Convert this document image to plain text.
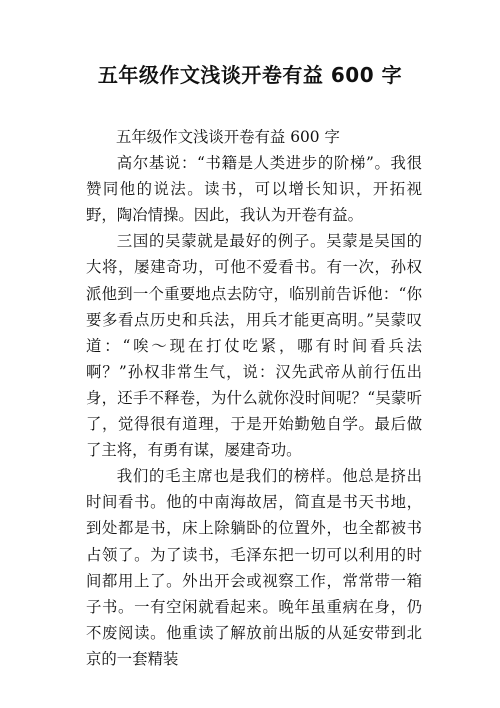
五年级作文浅谈开卷有益 600 字

五年级作文浅谈开卷有益 600 字

高尔基说：“书籍是人类进步的阶梯”。我很赞同他的说法。读书，可以增长知识，开拓视野，陶冶情操。因此，我认为开卷有益。

三国的吴蒙就是最好的例子。吴蒙是吴国的大将，屡建奇功，可他不爱看书。有一次，孙权派他到一个重要地点去防守，临别前告诉他：“你要多看点历史和兵法，用兵才能更高明。”吴蒙叹道：“唉～现在打仗吃紧，哪有时间看兵法啊？”孙权非常生气，说：汉先武帝从前行伍出身，还手不释卷，为什么就你没时间呢？“吴蒙听了，觉得很有道理，于是开始勤勉自学。最后做了主将，有勇有谋，屡建奇功。

我们的毛主席也是我们的榜样。他总是挤出时间看书。他的中南海故居，简直是书天书地，到处都是书，床上除躺卧的位置外，也全都被书占领了。为了读书，毛泽东把一切可以利用的时间都用上了。外出开会或视察工作，常常带一箱子书。一有空闲就看起来。晚年虽重病在身，仍不废阅读。他重读了解放前出版的从延安带到北京的一套精装
